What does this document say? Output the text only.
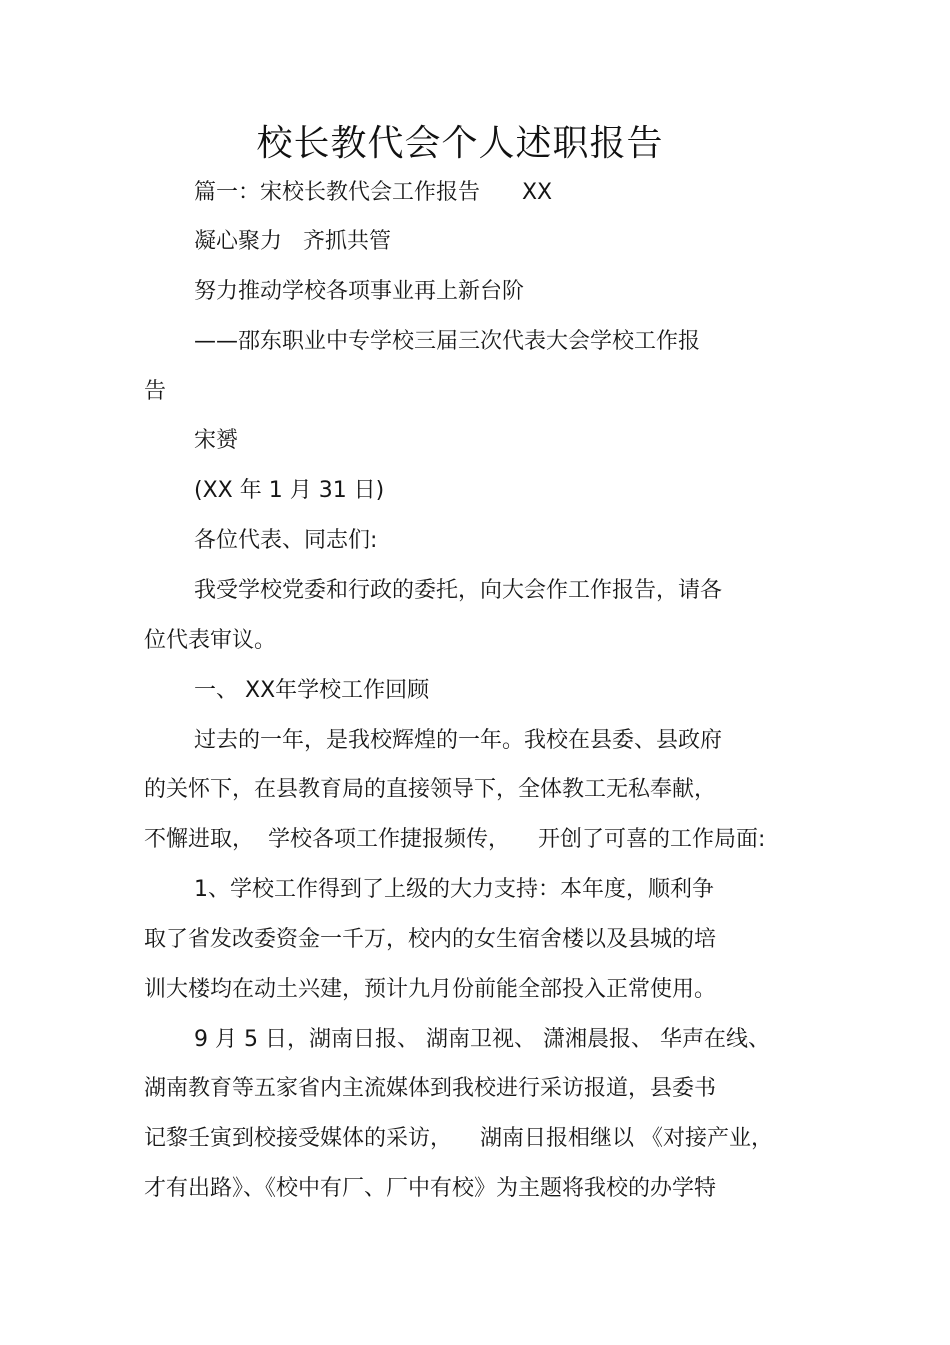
校长教代会个人述职报告
篇一：宋校长教代会工作报告      XX
凝心聚力   齐抓共管
努力推动学校各项事业再上新台阶
——邵东职业中专学校三届三次代表大会学校工作报
告
宋赟
(XX 年 1 月 31 日)
各位代表、同志们:
我受学校党委和行政的委托，向大会作工作报告，请各
位代表审议。
一、 XX年学校工作回顾
过去的一年，是我校辉煌的一年。我校在县委、县政府
的关怀下，在县教育局的直接领导下，全体教工无私奉献，
不懈进取，  学校各项工作捷报频传，    开创了可喜的工作局面:
1、学校工作得到了上级的大力支持：本年度，顺利争
取了省发改委资金一千万，校内的女生宿舍楼以及县城的培
训大楼均在动土兴建，预计九月份前能全部投入正常使用。
9 月 5 日，湖南日报、 湖南卫视、 潇湘晨报、 华声在线、
湖南教育等五家省内主流媒体到我校进行采访报道，县委书
记黎壬寅到校接受媒体的采访，    湖南日报相继以 《对接产业，
才有出路》、《校中有厂、厂中有校》为主题将我校的办学特
